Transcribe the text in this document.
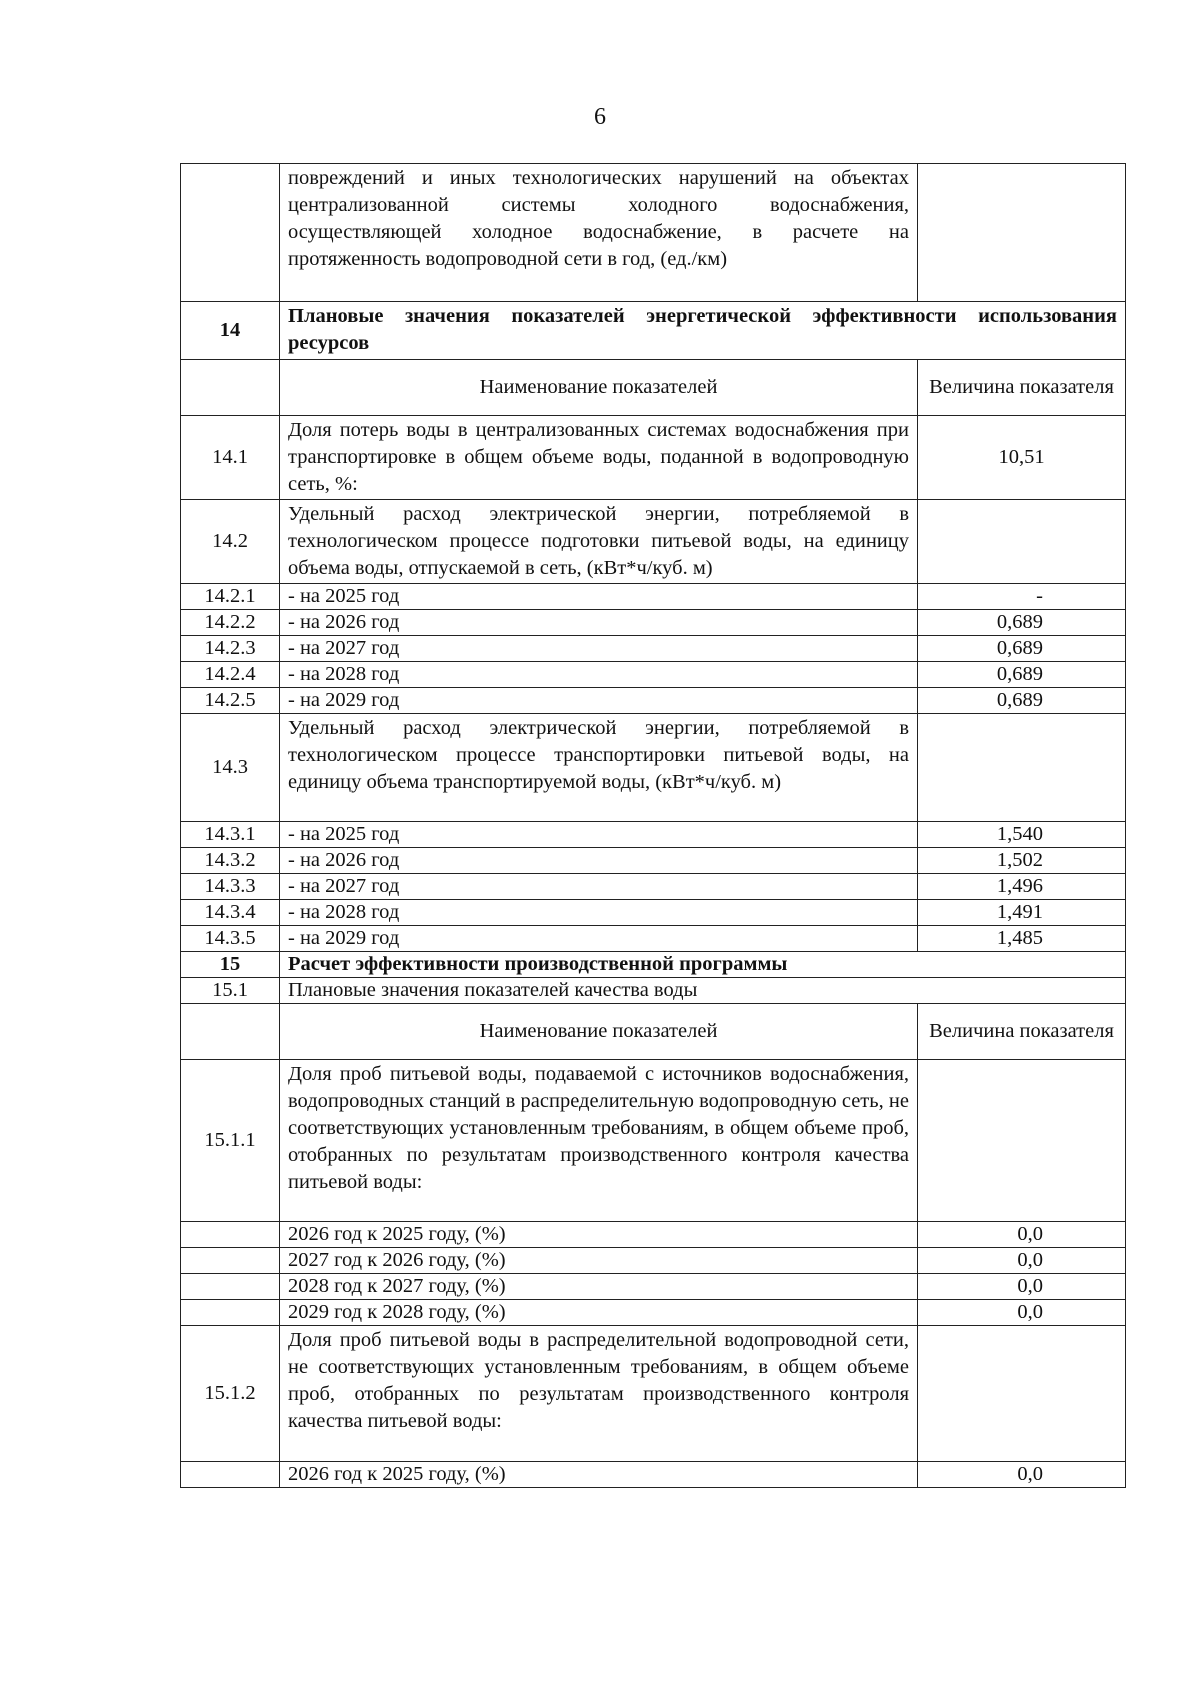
6
	повреждений и иных технологических нарушений на объектах централизованной системы холодного водоснабжения, осуществляющей холодное водоснабжение, в расчете на протяженность водопроводной сети в год, (ед./км)	
14	Плановые значения показателей энергетической эффективности использования ресурсов	
	Наименование показателей	Величина показателя
14.1	Доля потерь воды в централизованных системах водоснабжения при транспортировке в общем объеме воды, поданной в водопроводную сеть, %:	10,51
14.2	Удельный расход электрической энергии, потребляемой в технологическом процессе подготовки питьевой воды, на единицу объема воды, отпускаемой в сеть, (кВт*ч/куб. м)	
14.2.1	- на 2025 год	-
14.2.2	- на 2026 год	0,689
14.2.3	- на 2027 год	0,689
14.2.4	- на 2028 год	0,689
14.2.5	- на 2029 год	0,689
14.3	Удельный расход электрической энергии, потребляемой в технологическом процессе транспортировки питьевой воды, на единицу объема транспортируемой воды, (кВт*ч/куб. м)	
14.3.1	- на 2025 год	1,540
14.3.2	- на 2026 год	1,502
14.3.3	- на 2027 год	1,496
14.3.4	- на 2028 год	1,491
14.3.5	- на 2029 год	1,485
15	Расчет эффективности производственной программы	
15.1	Плановые значения показателей качества воды	
	Наименование показателей	Величина показателя
15.1.1	Доля проб питьевой воды, подаваемой с источников водоснабжения, водопроводных станций в распределительную водопроводную сеть, не соответствующих установленным требованиям, в общем объеме проб, отобранных по результатам производственного контроля качества питьевой воды:	
	2026 год к 2025 году, (%)	0,0
	2027 год к 2026 году, (%)	0,0
	2028 год к 2027 году, (%)	0,0
	2029 год к 2028 году, (%)	0,0
15.1.2	Доля проб питьевой воды в распределительной водопроводной сети, не соответствующих установленным требованиям, в общем объеме проб, отобранных по результатам производственного контроля качества питьевой воды:	
	2026 год к 2025 году, (%)	0,0
